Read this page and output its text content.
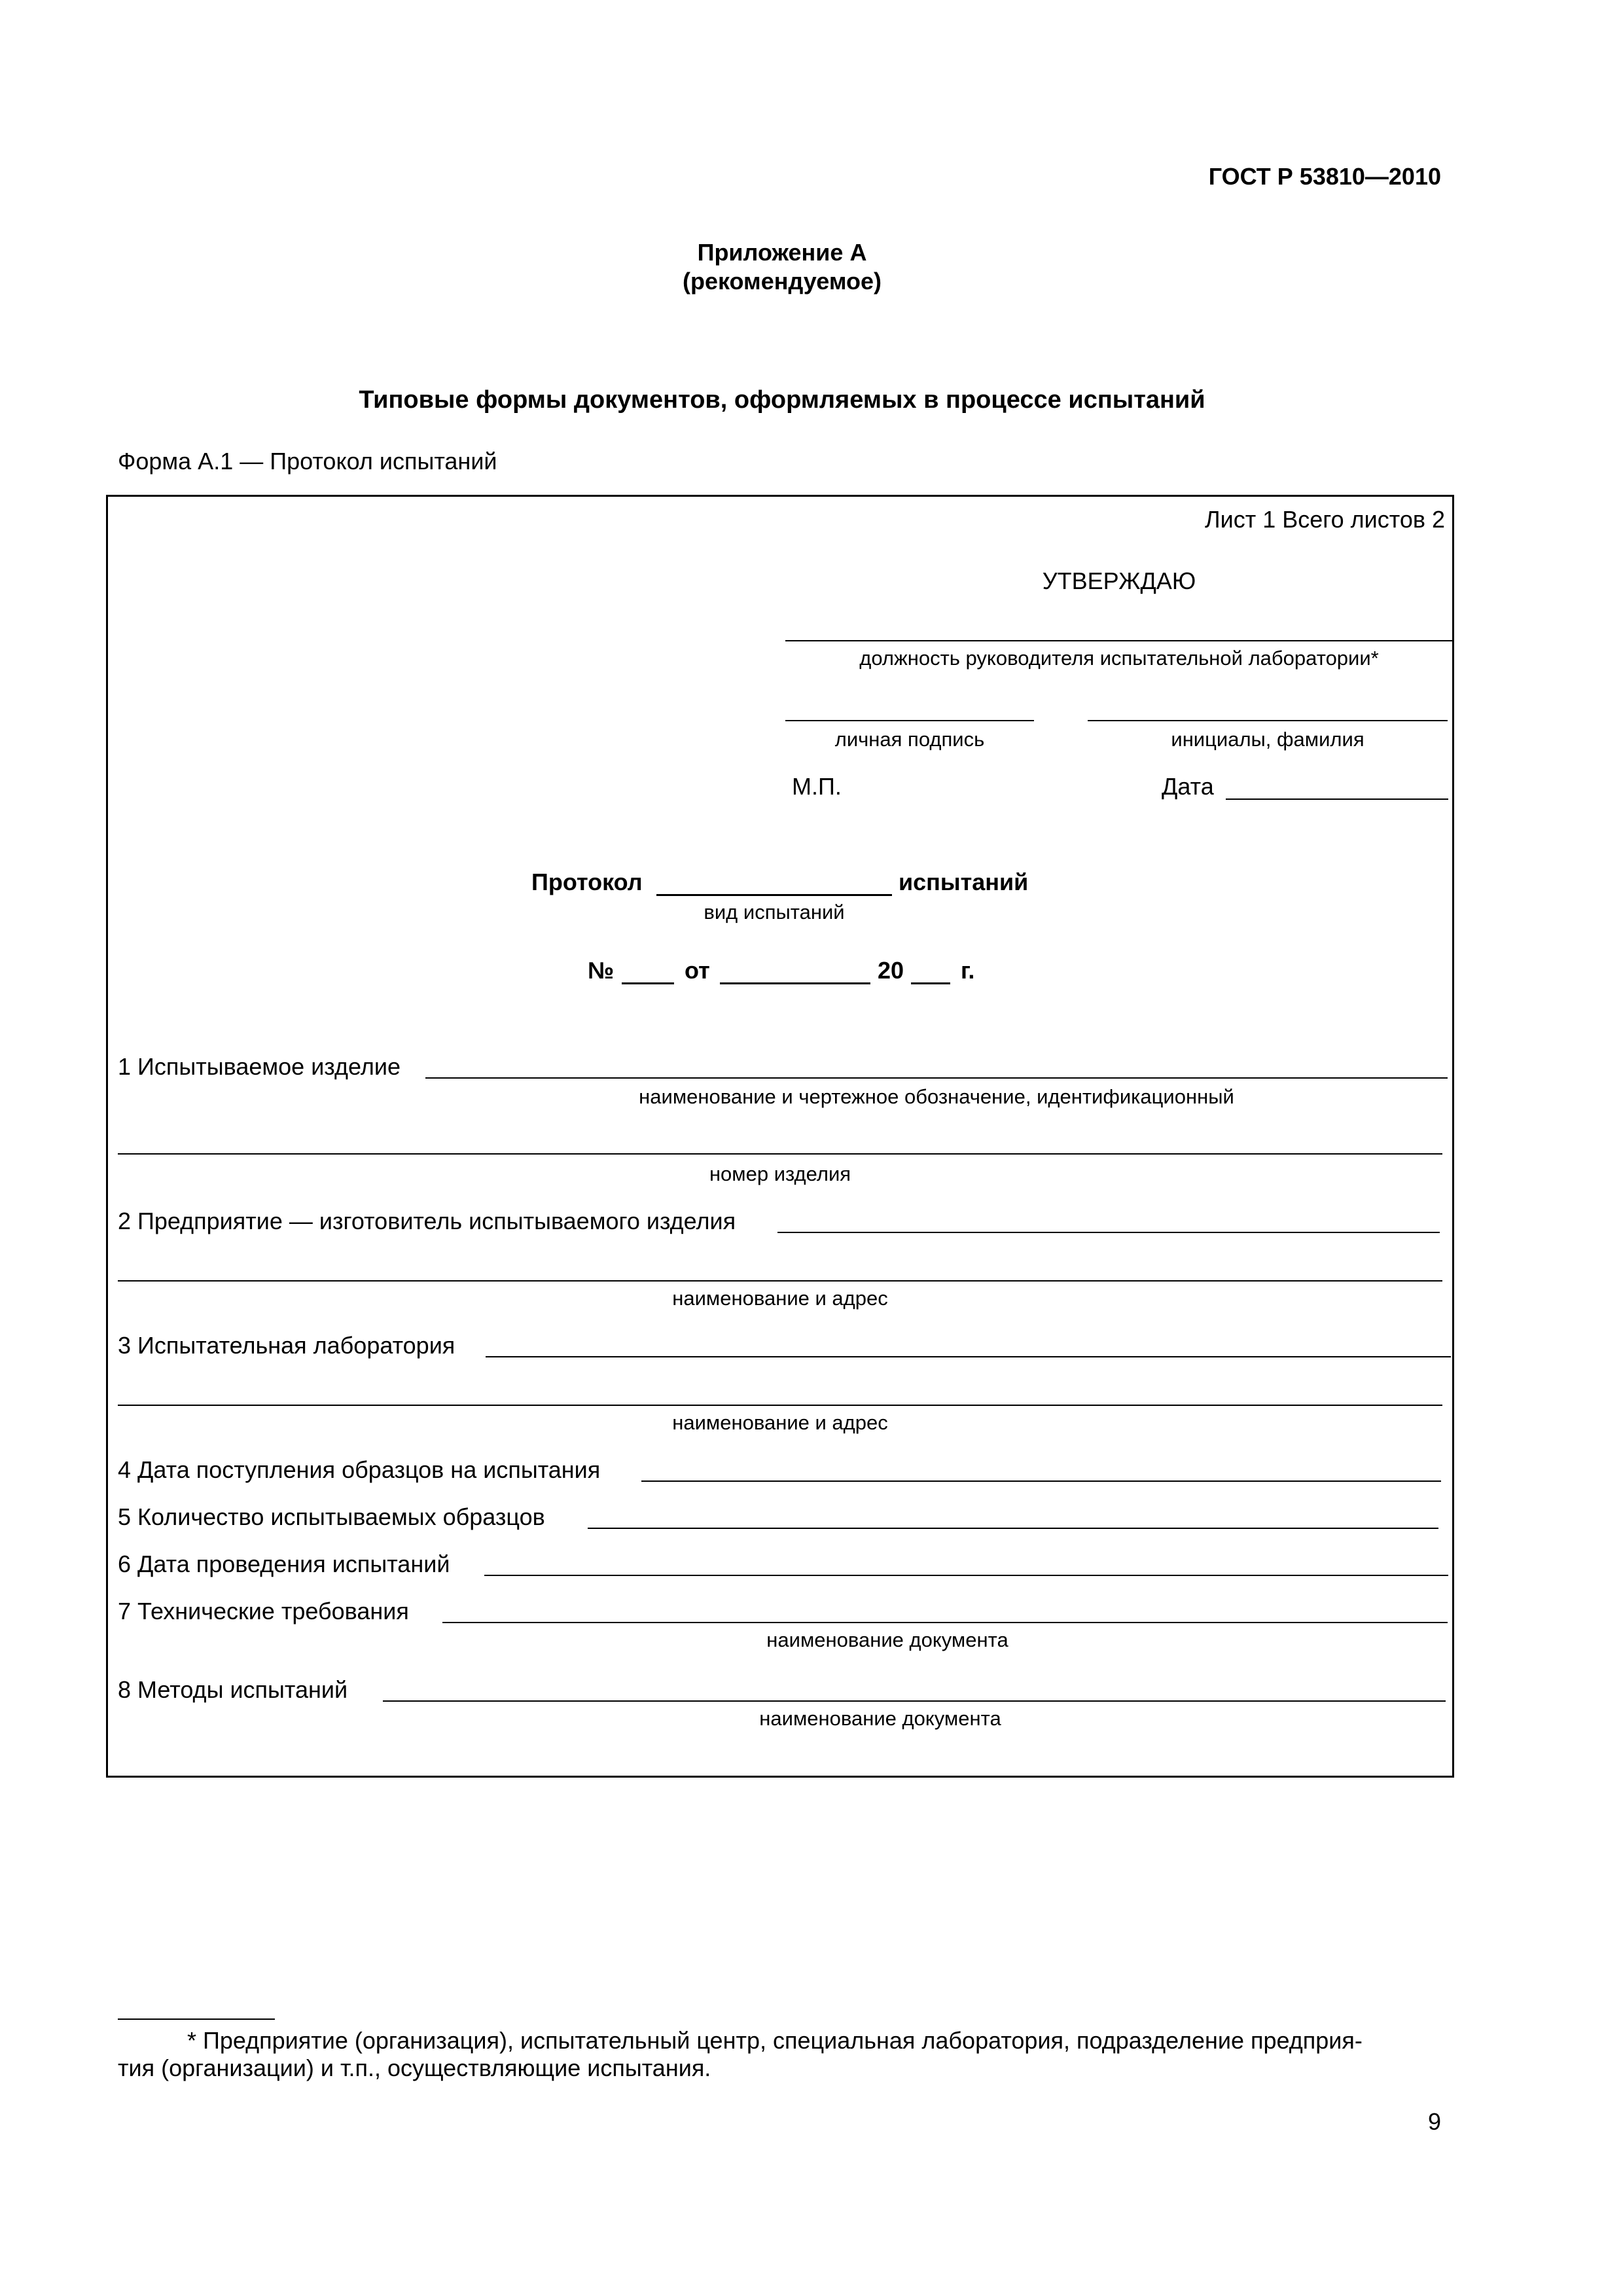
ГОСТ Р 53810—2010
Приложение А
(рекомендуемое)
Типовые формы документов, оформляемых в процессе испытаний
Форма А.1 — Протокол испытаний
Лист 1 Всего листов 2
УТВЕРЖДАЮ
должность руководителя испытательной лаборатории*
личная подпись	инициалы, фамилия
М.П.	Дата
Протокол	испытаний
вид испытаний
№	от	20 г.
1 Испытываемое изделие
наименование и чертежное обозначение, идентификационный
номер изделия
2 Предприятие — изготовитель испытываемого изделия
наименование и адрес
3 Испытательная лаборатория
наименование и адрес
4 Дата поступления образцов на испытания
5 Количество испытываемых образцов
6 Дата проведения испытаний
7 Технические требования
наименование документа
8 Методы испытаний
наименование документа
* Предприятие (организация), испытательный центр, специальная лаборатория, подразделение предприя-
тия (организации) и т.п., осуществляющие испытания.
9
